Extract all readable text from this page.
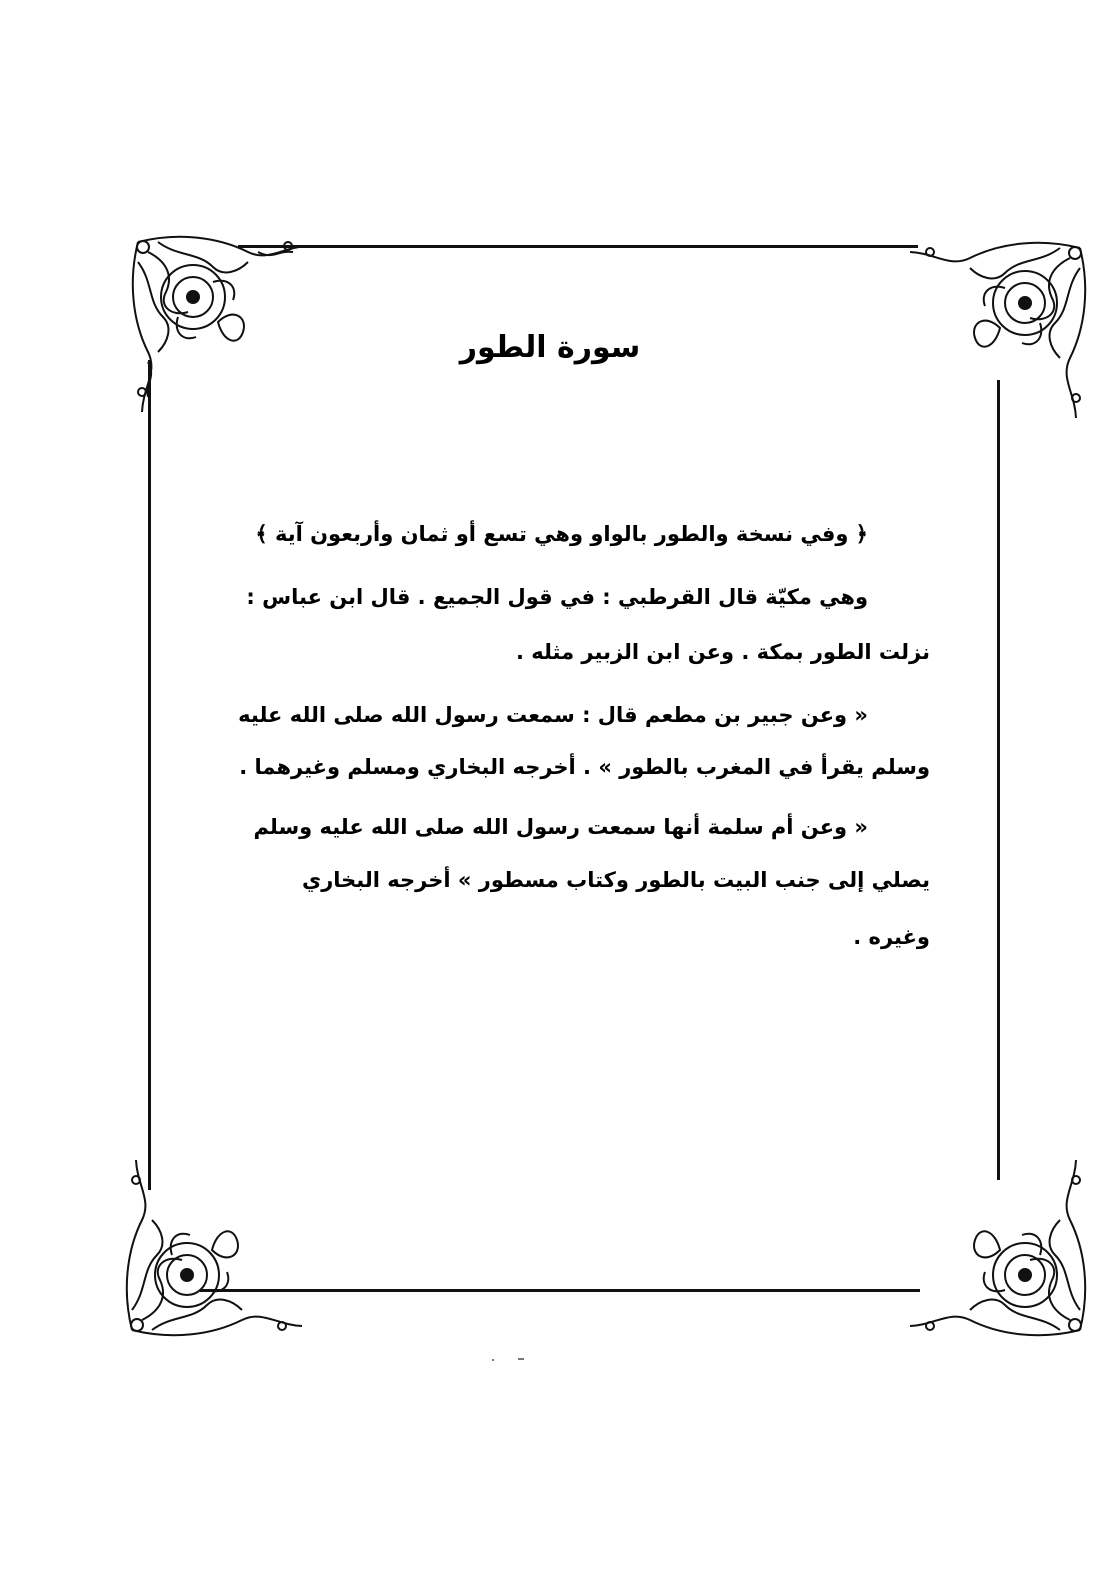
سورة الطور
﴿ وفي نسخة والطور بالواو وهي تسع أو ثمان وأربعون آية ﴾
وهي مكيّة قال القرطبي : في قول الجميع . قال ابن عباس :
نزلت الطور بمكة . وعن ابن الزبير مثله .
« وعن جبير بن مطعم قال : سمعت رسول الله صلى الله عليه
وسلم يقرأ في المغرب بالطور » . أخرجه البخاري ومسلم وغيرهما .
« وعن أم سلمة أنها سمعت رسول الله صلى الله عليه وسلم
يصلي إلى جنب البيت بالطور وكتاب مسطور » أخرجه البخاري
وغيره .
